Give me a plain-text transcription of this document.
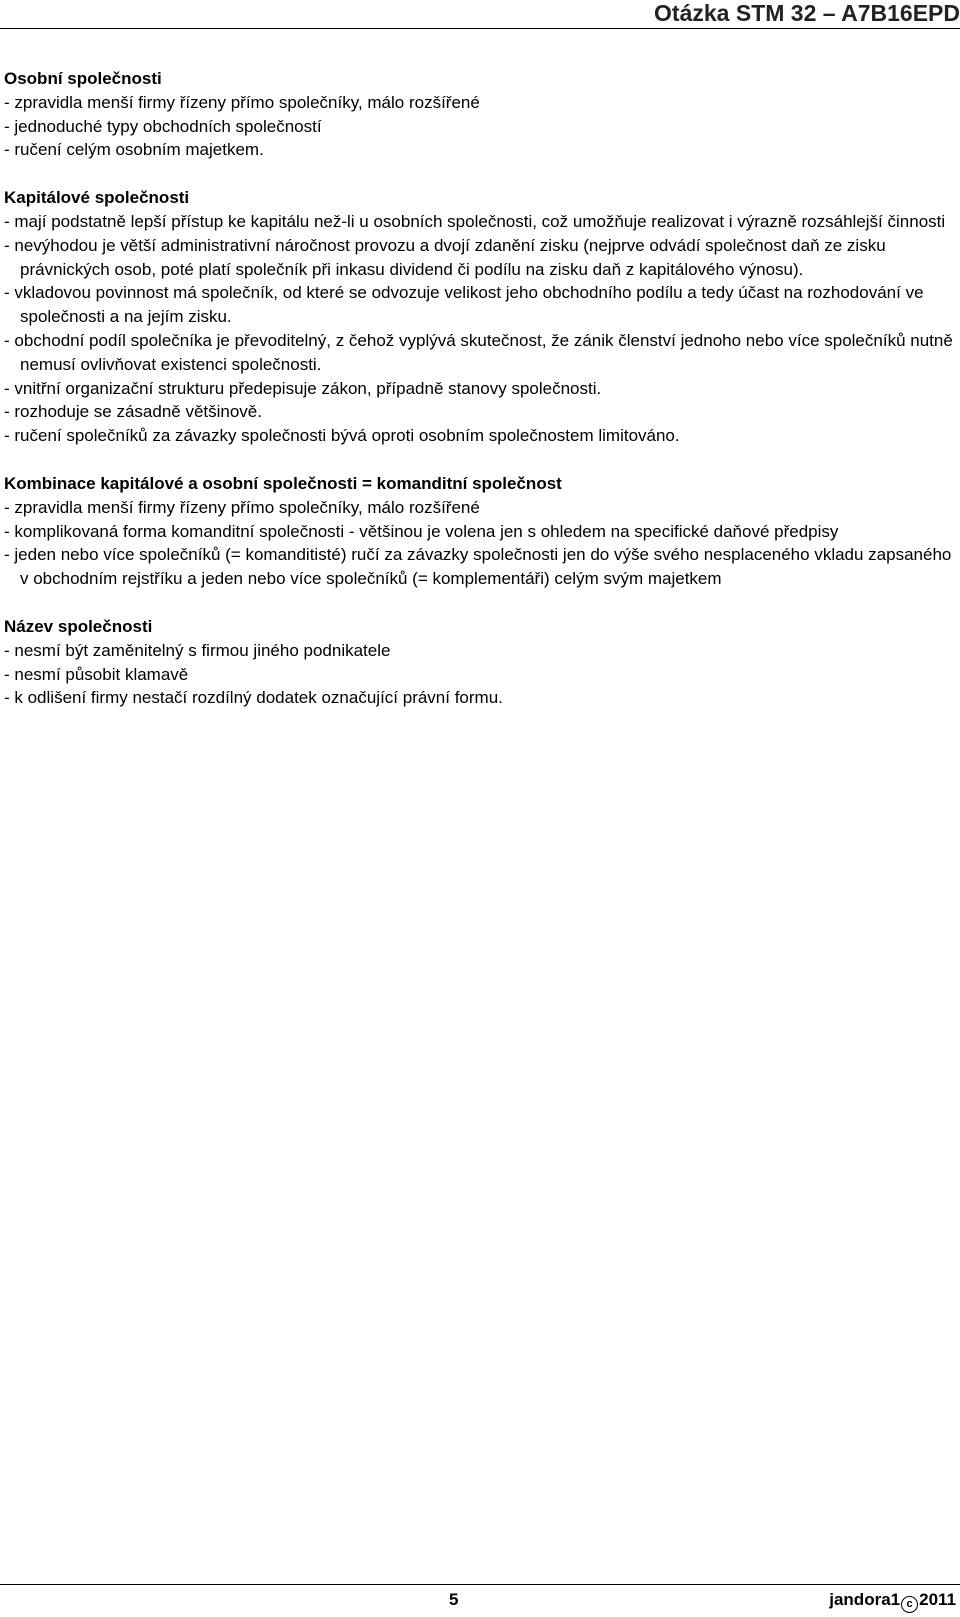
Otázka STM 32 – A7B16EPD

Osobní společnosti

- zpravidla menší firmy řízeny přímo společníky, málo rozšířené

- jednoduché typy obchodních společností

- ručení celým osobním majetkem.

Kapitálové společnosti

- mají podstatně lepší přístup ke kapitálu než-li u osobních společnosti, což umožňuje realizovat i výrazně rozsáhlejší činnosti

- nevýhodou je větší administrativní náročnost provozu a dvojí zdanění zisku (nejprve odvádí společnost daň ze zisku právnických osob, poté platí společník při inkasu dividend či podílu na zisku daň z kapitálového výnosu).

- vkladovou povinnost má společník, od které se odvozuje velikost jeho obchodního podílu a tedy účast na rozhodování ve společnosti a na jejím zisku.

- obchodní podíl společníka je převoditelný, z čehož vyplývá skutečnost, že zánik členství jednoho nebo více společníků nutně nemusí ovlivňovat existenci společnosti.

- vnitřní organizační strukturu předepisuje zákon, případně stanovy společnosti.

- rozhoduje se zásadně většinově.

- ručení společníků za závazky společnosti bývá oproti osobním společnostem limitováno.

Kombinace kapitálové a osobní společnosti = komanditní společnost

- zpravidla menší firmy řízeny přímo společníky, málo rozšířené

- komplikovaná forma komanditní společnosti - většinou je volena jen s ohledem na specifické daňové předpisy

- jeden nebo více společníků (= komanditisté) ručí za závazky společnosti jen do výše svého nesplaceného vkladu zapsaného v obchodním rejstříku a jeden nebo více společníků (= komplementáři) celým svým majetkem

Název společnosti

- nesmí být zaměnitelný s firmou jiného podnikatele

- nesmí působit klamavě

- k odlišení firmy nestačí rozdílný dodatek označující právní formu.

5	jandora1 c 2011
